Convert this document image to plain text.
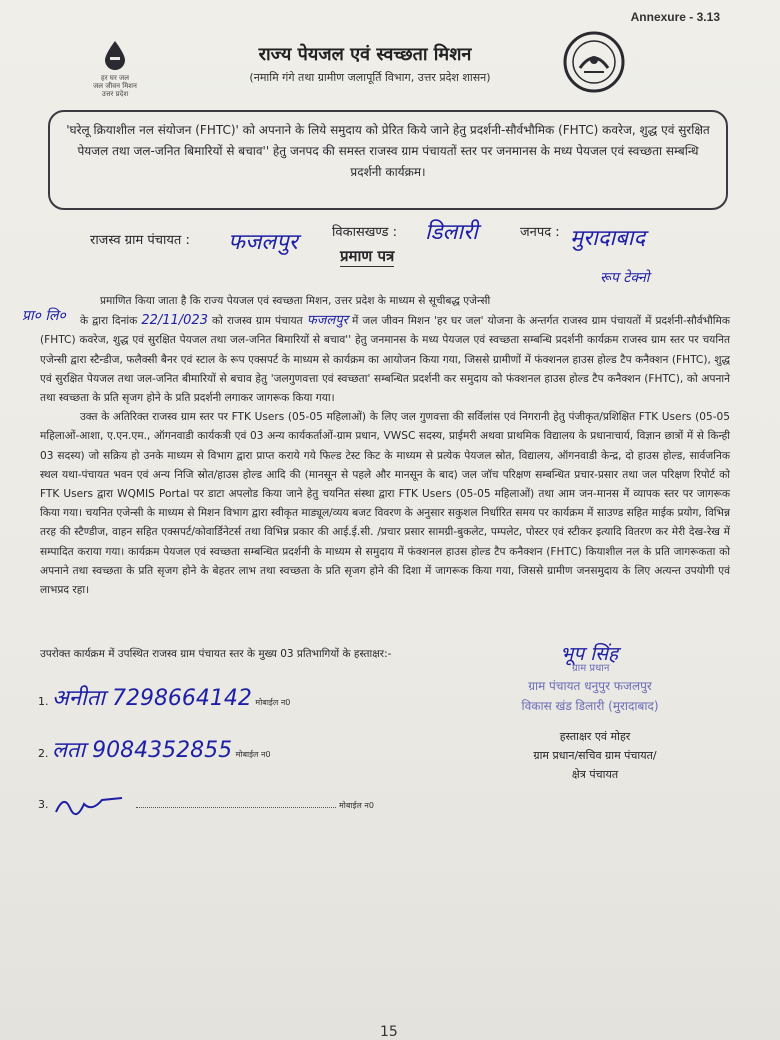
Annexure - 3.13
हर घर जल
जल जीवन मिशन
उत्तर प्रदेश
राज्य पेयजल एवं स्वच्छता मिशन
(नमामि गंगे तथा ग्रामीण जलापूर्ति विभाग, उत्तर प्रदेश शासन)
'घरेलू क्रियाशील नल संयोजन (FHTC)' को अपनाने के लिये समुदाय को प्रेरित किये जाने हेतु प्रदर्शनी-सौर्वभौमिक (FHTC) कवरेज, शुद्ध एवं सुरक्षित पेयजल तथा जल-जनित बिमारियों से बचाव'' हेतु जनपद की समस्त राजस्व ग्राम पंचायतों स्तर पर जनमानस के मध्य पेयजल एवं स्वच्छता सम्बन्धि प्रदर्शनी कार्यक्रम।
राजस्व ग्राम पंचायत : फजलपुर	विकासखण्ड : डिलारी	जनपद : मुरादाबाद
प्रमाण पत्र
रूप टेक्नो
प्रा० लि०
प्रमाणित किया जाता है कि राज्य पेयजल एवं स्वच्छता मिशन, उत्तर प्रदेश के माध्यम से सूचीबद्ध एजेन्सी
के द्वारा दिनांक 22/11/023 को राजस्व ग्राम पंचायत फजलपुर में जल जीवन मिशन 'हर घर जल' योजना के अन्तर्गत राजस्व ग्राम पंचायतों में प्रदर्शनी-सौर्वभौमिक (FHTC) कवरेज, शुद्ध एवं सुरक्षित पेयजल तथा जल-जनित बिमारियों से बचाव'' हेतु जनमानस के मध्य पेयजल एवं स्वच्छता सम्बन्धि प्रदर्शनी कार्यक्रम राजस्व ग्राम स्तर पर चयनित एजेन्सी द्वारा स्टैन्डीज, फलैक्सी बैनर एवं स्टाल के रूप एक्सपर्ट के माध्यम से कार्यक्रम का आयोजन किया गया, जिससे ग्रामीणों में फंक्शनल हाउस होल्ड टैप कनैक्शन (FHTC), शुद्ध एवं सुरक्षित पेयजल तथा जल-जनित बीमारियों से बचाव हेतु 'जलगुणवत्ता एवं स्वच्छता' सम्बन्धित प्रदर्शनी कर समुदाय को फंक्शनल हाउस होल्ड टैप कनैक्शन (FHTC), को अपनाने तथा स्वच्छता के प्रति सृजग होने के प्रति प्रदर्शनी लगाकर जागरूक किया गया।
उक्त के अतिरिक्त राजस्व ग्राम स्तर पर FTK Users (05-05 महिलाओं) के लिए जल गुणवत्ता की सर्विलांस एवं निगरानी हेतु पंजीकृत/प्रशिक्षित FTK Users (05-05 महिलाओं-आशा, ए.एन.एम., ऑगनवाडी कार्यकत्री एवं 03 अन्य कार्यकर्ताओं-ग्राम प्रधान, VWSC सदस्य, प्राईमरी अथवा प्राथमिक विद्यालय के प्रधानाचार्य, विज्ञान छात्रों में से किन्ही 03 सदस्य) जो सक्रिय हो उनके माध्यम से विभाग द्वारा प्राप्त कराये गये फिल्ड टेस्ट किट के माध्यम से प्रत्येक पेयजल स्रोत, विद्यालय, ऑगनवाडी केन्द्र, दो हाउस होल्ड, सार्वजनिक स्थल यथा-पंचायत भवन एवं अन्य निजि स्रोत/हाउस होल्ड आदि की (मानसून से पहले और मानसून के बाद) जल जॉच परिक्षण सम्बन्धित प्रचार-प्रसार तथा जल परिक्षण रिपोर्ट को FTK Users द्वारा WQMIS Portal पर डाटा अपलोड किया जाने हेतु चयनित संस्था द्वारा FTK Users (05-05 महिलाओं) तथा आम जन-मानस में व्यापक स्तर पर जागरूक किया गया। चयनित एजेन्सी के माध्यम से मिशन विभाग द्वारा स्वीकृत माड्यूल/व्यय बजट विवरण के अनुसार सकुशल निर्धारित समय पर कार्यक्रम में साउण्ड सहित माईक प्रयोग, विभिन्न तरह की स्टैण्डीज, वाहन सहित एक्सपर्ट/कोवार्डिनेटर्स तथा विभिन्न प्रकार की आई.ई.सी. /प्रचार प्रसार सामग्री-बुकलेट, पम्पलेट, पोस्टर एवं स्टीकर इत्यादि वितरण कर मेरी देख-रेख में सम्पादित कराया गया। कार्यक्रम पेयजल एवं स्वच्छता सम्बन्धित प्रदर्शनी के माध्यम से समुदाय में फंक्शनल हाउस होल्ड टैप कनैक्शन (FHTC) कियाशील नल के प्रति जागरूकता को अपनाने तथा स्वच्छता के प्रति सृजग होने के बेहतर लाभ तथा स्वच्छता के प्रति सृजग होने की दिशा में जागरूक किया गया, जिससे ग्रामीण जनसमुदाय के लिए अत्यन्त उपयोगी एवं लाभप्रद रहा।
उपरोक्त कार्यक्रम में उपस्थित राजस्व ग्राम पंचायत स्तर के मुख्य 03 प्रतिभागियों के हस्ताक्षर:-
1. अनीता 7298664142 मोबाईल न0
2. लता 9084352855 मोबाईल न0
3.	मोबाईल न0
भूप सिंह
ग्राम प्रधान
ग्राम पंचायत धनुपुर फजलपुर
विकास खंड डिलारी (मुरादाबाद)
हस्ताक्षर एवं मोहर
ग्राम प्रधान/सचिव ग्राम पंचायत/
क्षेत्र पंचायत
15
